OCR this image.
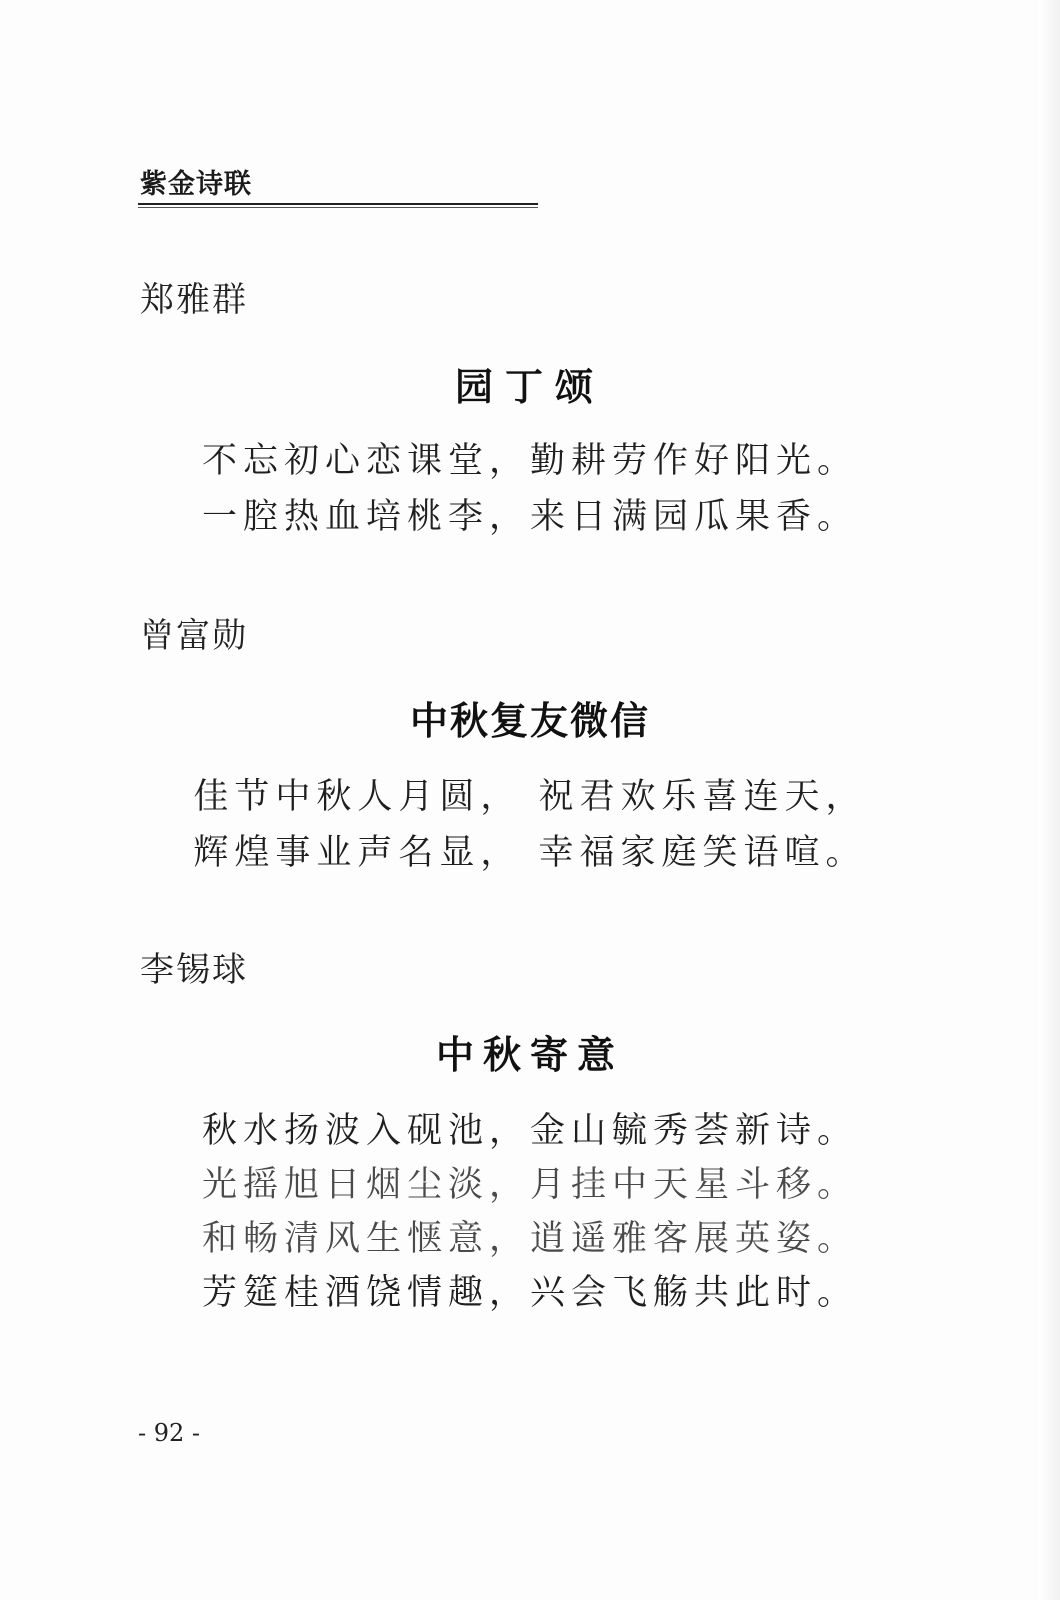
紫金诗联
郑雅群
园丁颂
不忘初心恋课堂，勤耕劳作好阳光。
一腔热血培桃李，来日满园瓜果香。
曾富勋
中秋复友微信
佳节中秋人月圆， 祝君欢乐喜连天，
辉煌事业声名显， 幸福家庭笑语喧。
李锡球
中秋寄意
秋水扬波入砚池，金山毓秀荟新诗。
光摇旭日烟尘淡，月挂中天星斗移。
和畅清风生惬意，逍遥雅客展英姿。
芳筵桂酒饶情趣，兴会飞觞共此时。
- 92 -
